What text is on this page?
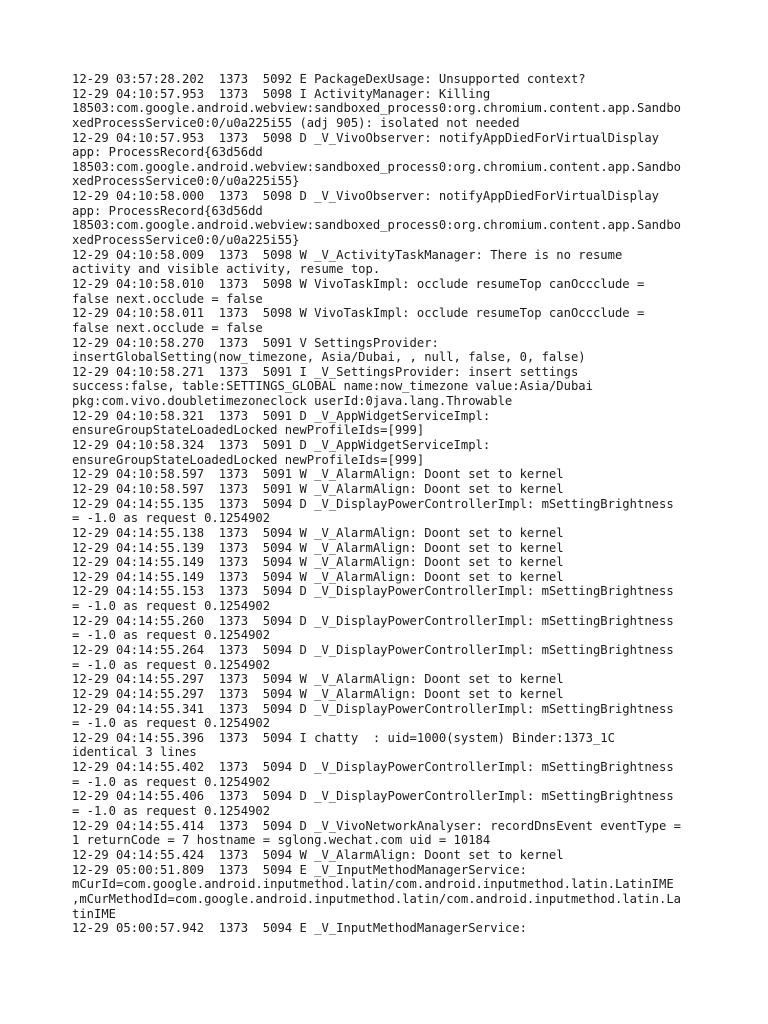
12-29 03:57:28.202  1373  5092 E PackageDexUsage: Unsupported context?
12-29 04:10:57.953  1373  5098 I ActivityManager: Killing
18503:com.google.android.webview:sandboxed_process0:org.chromium.content.app.Sandbo
xedProcessService0:0/u0a225i55 (adj 905): isolated not needed
12-29 04:10:57.953  1373  5098 D _V_VivoObserver: notifyAppDiedForVirtualDisplay
app: ProcessRecord{63d56dd
18503:com.google.android.webview:sandboxed_process0:org.chromium.content.app.Sandbo
xedProcessService0:0/u0a225i55}
12-29 04:10:58.000  1373  5098 D _V_VivoObserver: notifyAppDiedForVirtualDisplay
app: ProcessRecord{63d56dd
18503:com.google.android.webview:sandboxed_process0:org.chromium.content.app.Sandbo
xedProcessService0:0/u0a225i55}
12-29 04:10:58.009  1373  5098 W _V_ActivityTaskManager: There is no resume
activity and visible activity, resume top.
12-29 04:10:58.010  1373  5098 W VivoTaskImpl: occlude resumeTop canOccclude =
false next.occlude = false
12-29 04:10:58.011  1373  5098 W VivoTaskImpl: occlude resumeTop canOccclude =
false next.occlude = false
12-29 04:10:58.270  1373  5091 V SettingsProvider:
insertGlobalSetting(now_timezone, Asia/Dubai, , null, false, 0, false)
12-29 04:10:58.271  1373  5091 I _V_SettingsProvider: insert settings
success:false, table:SETTINGS_GLOBAL name:now_timezone value:Asia/Dubai
pkg:com.vivo.doubletimezoneclock userId:0java.lang.Throwable
12-29 04:10:58.321  1373  5091 D _V_AppWidgetServiceImpl:
ensureGroupStateLoadedLocked newProfileIds=[999]
12-29 04:10:58.324  1373  5091 D _V_AppWidgetServiceImpl:
ensureGroupStateLoadedLocked newProfileIds=[999]
12-29 04:10:58.597  1373  5091 W _V_AlarmAlign: Doont set to kernel
12-29 04:10:58.597  1373  5091 W _V_AlarmAlign: Doont set to kernel
12-29 04:14:55.135  1373  5094 D _V_DisplayPowerControllerImpl: mSettingBrightness
= -1.0 as request 0.1254902
12-29 04:14:55.138  1373  5094 W _V_AlarmAlign: Doont set to kernel
12-29 04:14:55.139  1373  5094 W _V_AlarmAlign: Doont set to kernel
12-29 04:14:55.149  1373  5094 W _V_AlarmAlign: Doont set to kernel
12-29 04:14:55.149  1373  5094 W _V_AlarmAlign: Doont set to kernel
12-29 04:14:55.153  1373  5094 D _V_DisplayPowerControllerImpl: mSettingBrightness
= -1.0 as request 0.1254902
12-29 04:14:55.260  1373  5094 D _V_DisplayPowerControllerImpl: mSettingBrightness
= -1.0 as request 0.1254902
12-29 04:14:55.264  1373  5094 D _V_DisplayPowerControllerImpl: mSettingBrightness
= -1.0 as request 0.1254902
12-29 04:14:55.297  1373  5094 W _V_AlarmAlign: Doont set to kernel
12-29 04:14:55.297  1373  5094 W _V_AlarmAlign: Doont set to kernel
12-29 04:14:55.341  1373  5094 D _V_DisplayPowerControllerImpl: mSettingBrightness
= -1.0 as request 0.1254902
12-29 04:14:55.396  1373  5094 I chatty  : uid=1000(system) Binder:1373_1C
identical 3 lines
12-29 04:14:55.402  1373  5094 D _V_DisplayPowerControllerImpl: mSettingBrightness
= -1.0 as request 0.1254902
12-29 04:14:55.406  1373  5094 D _V_DisplayPowerControllerImpl: mSettingBrightness
= -1.0 as request 0.1254902
12-29 04:14:55.414  1373  5094 D _V_VivoNetworkAnalyser: recordDnsEvent eventType =
1 returnCode = 7 hostname = sglong.wechat.com uid = 10184
12-29 04:14:55.424  1373  5094 W _V_AlarmAlign: Doont set to kernel
12-29 05:00:51.809  1373  5094 E _V_InputMethodManagerService:
mCurId=com.google.android.inputmethod.latin/com.android.inputmethod.latin.LatinIME
,mCurMethodId=com.google.android.inputmethod.latin/com.android.inputmethod.latin.La
tinIME
12-29 05:00:57.942  1373  5094 E _V_InputMethodManagerService:
